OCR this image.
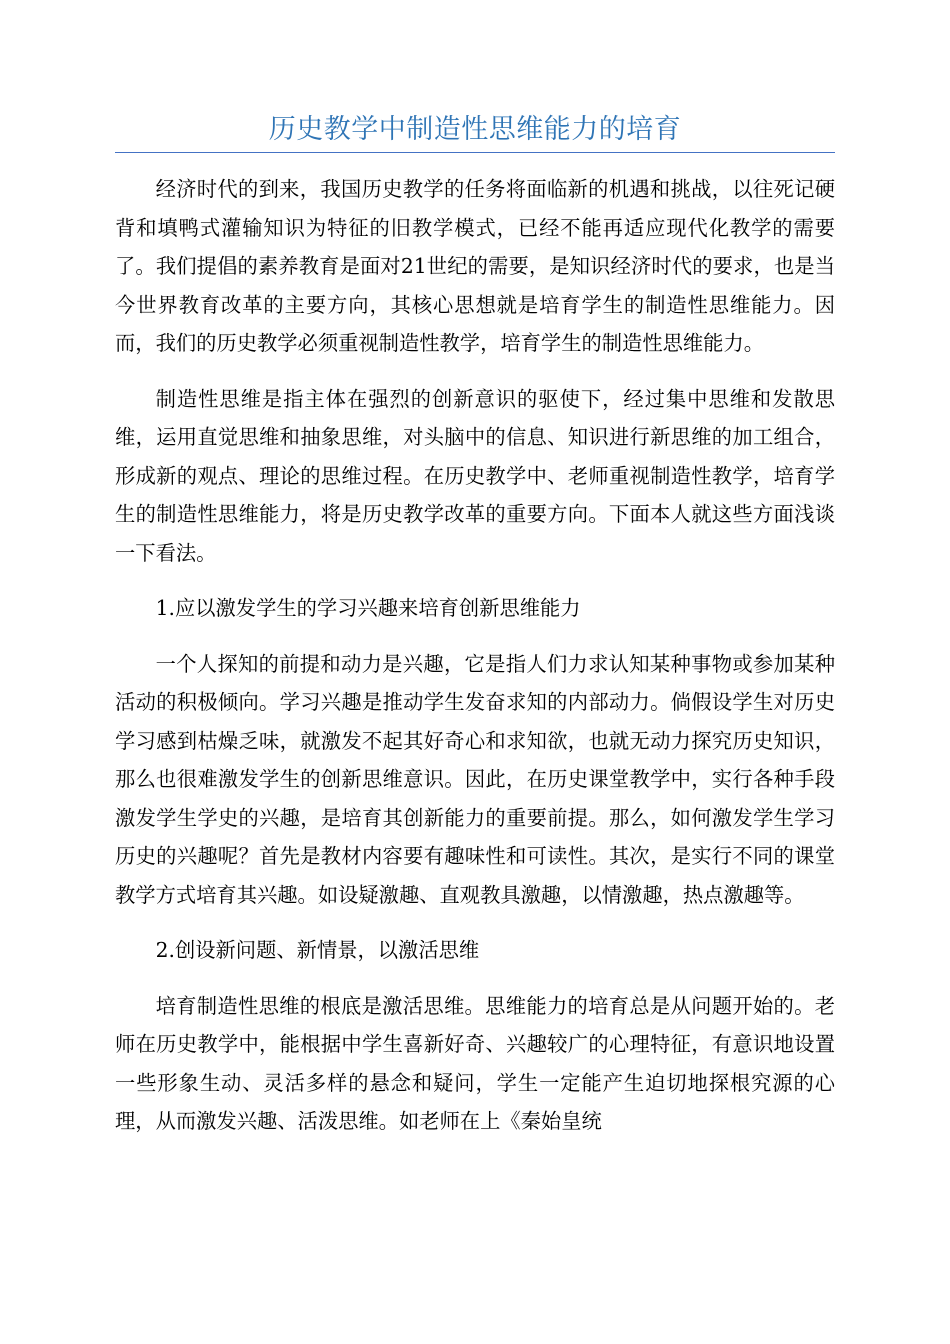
历史教学中制造性思维能力的培育

经济时代的到来，我国历史教学的任务将面临新的机遇和挑战，以往死记硬背和填鸭式灌输知识为特征的旧教学模式，已经不能再适应现代化教学的需要了。我们提倡的素养教育是面对21世纪的需要，是知识经济时代的要求，也是当今世界教育改革的主要方向，其核心思想就是培育学生的制造性思维能力。因而，我们的历史教学必须重视制造性教学，培育学生的制造性思维能力。

制造性思维是指主体在强烈的创新意识的驱使下，经过集中思维和发散思维，运用直觉思维和抽象思维，对头脑中的信息、知识进行新思维的加工组合，形成新的观点、理论的思维过程。在历史教学中、老师重视制造性教学，培育学生的制造性思维能力，将是历史教学改革的重要方向。下面本人就这些方面浅谈一下看法。

1.应以激发学生的学习兴趣来培育创新思维能力

一个人探知的前提和动力是兴趣，它是指人们力求认知某种事物或参加某种活动的积极倾向。学习兴趣是推动学生发奋求知的内部动力。倘假设学生对历史学习感到枯燥乏味，就激发不起其好奇心和求知欲，也就无动力探究历史知识，那么也很难激发学生的创新思维意识。因此，在历史课堂教学中，实行各种手段激发学生学史的兴趣，是培育其创新能力的重要前提。那么，如何激发学生学习历史的兴趣呢？首先是教材内容要有趣味性和可读性。其次，是实行不同的课堂教学方式培育其兴趣。如设疑激趣、直观教具激趣，以情激趣，热点激趣等。

2.创设新问题、新情景，以激活思维

培育制造性思维的根底是激活思维。思维能力的培育总是从问题开始的。老师在历史教学中，能根据中学生喜新好奇、兴趣较广的心理特征，有意识地设置一些形象生动、灵活多样的悬念和疑问，学生一定能产生迫切地探根究源的心理，从而激发兴趣、活泼思维。如老师在上《秦始皇统
